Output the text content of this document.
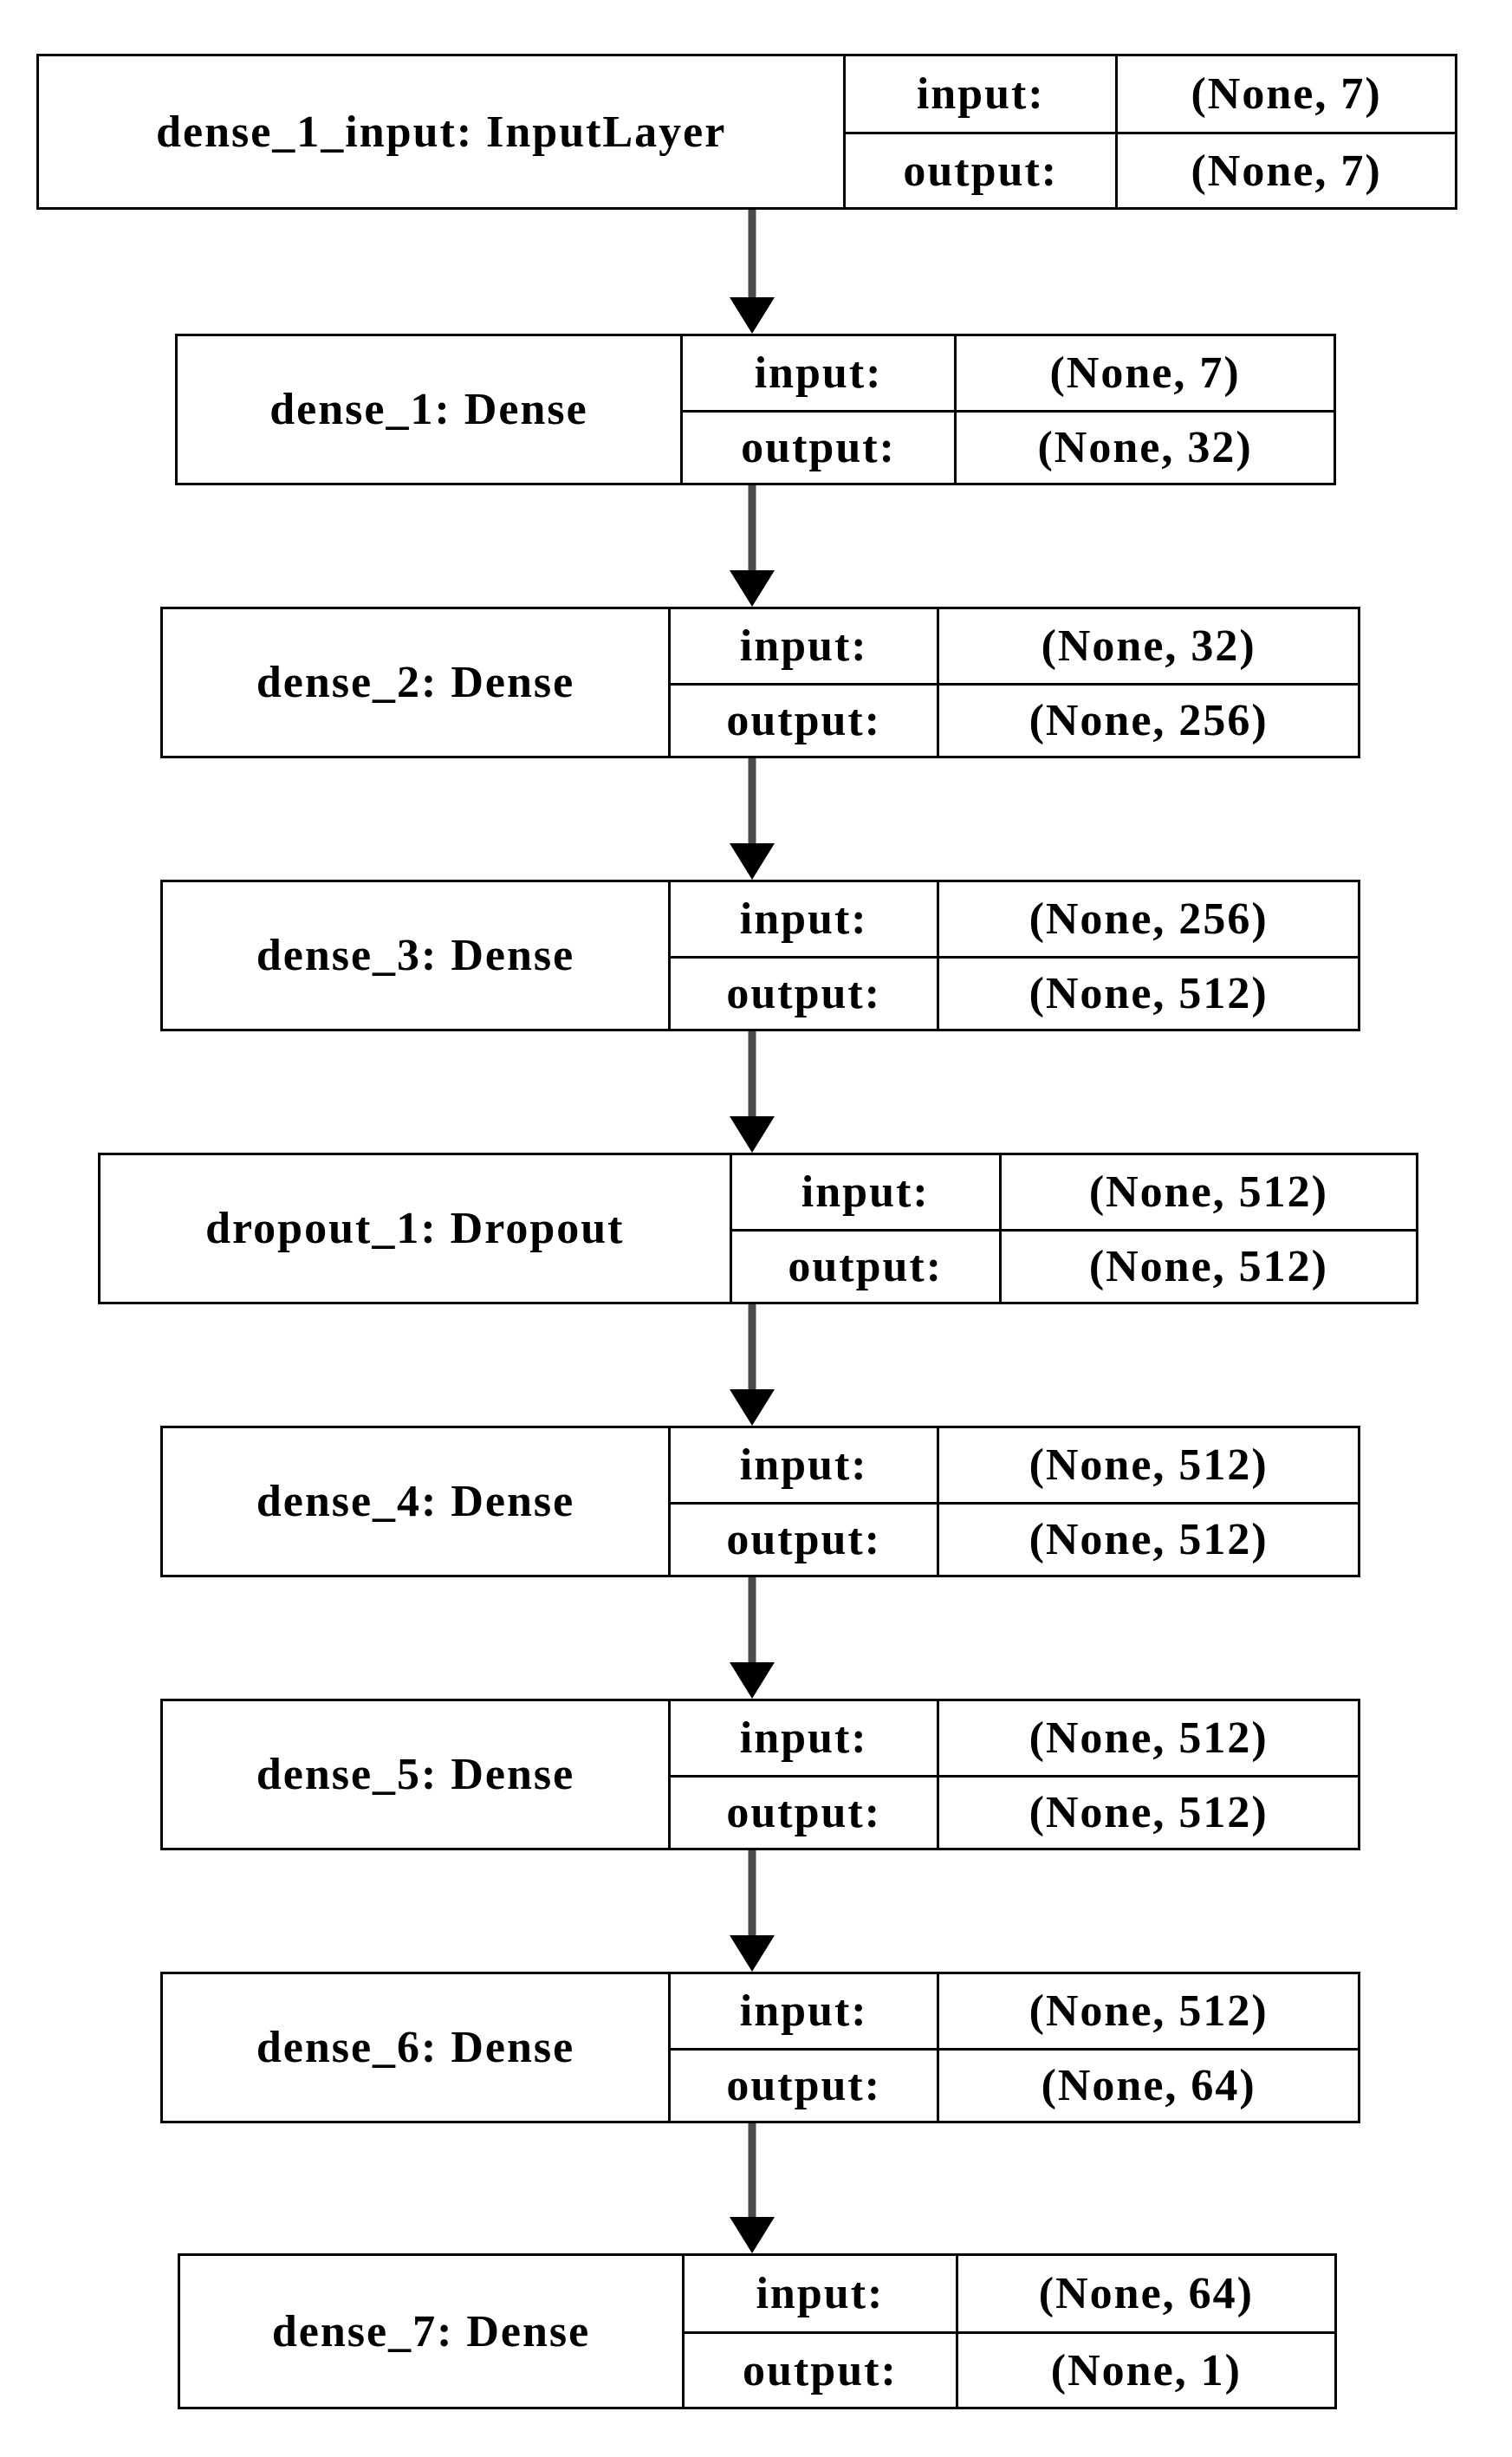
dense_1_input: InputLayer
input:	(None, 7)
output:	(None, 7)
dense_1: Dense
input:	(None, 7)
output:	(None, 32)
dense_2: Dense
input:	(None, 32)
output:	(None, 256)
dense_3: Dense
input:	(None, 256)
output:	(None, 512)
dropout_1: Dropout
input:	(None, 512)
output:	(None, 512)
dense_4: Dense
input:	(None, 512)
output:	(None, 512)
dense_5: Dense
input:	(None, 512)
output:	(None, 512)
dense_6: Dense
input:	(None, 512)
output:	(None, 64)
dense_7: Dense
input:	(None, 64)
output:	(None, 1)
